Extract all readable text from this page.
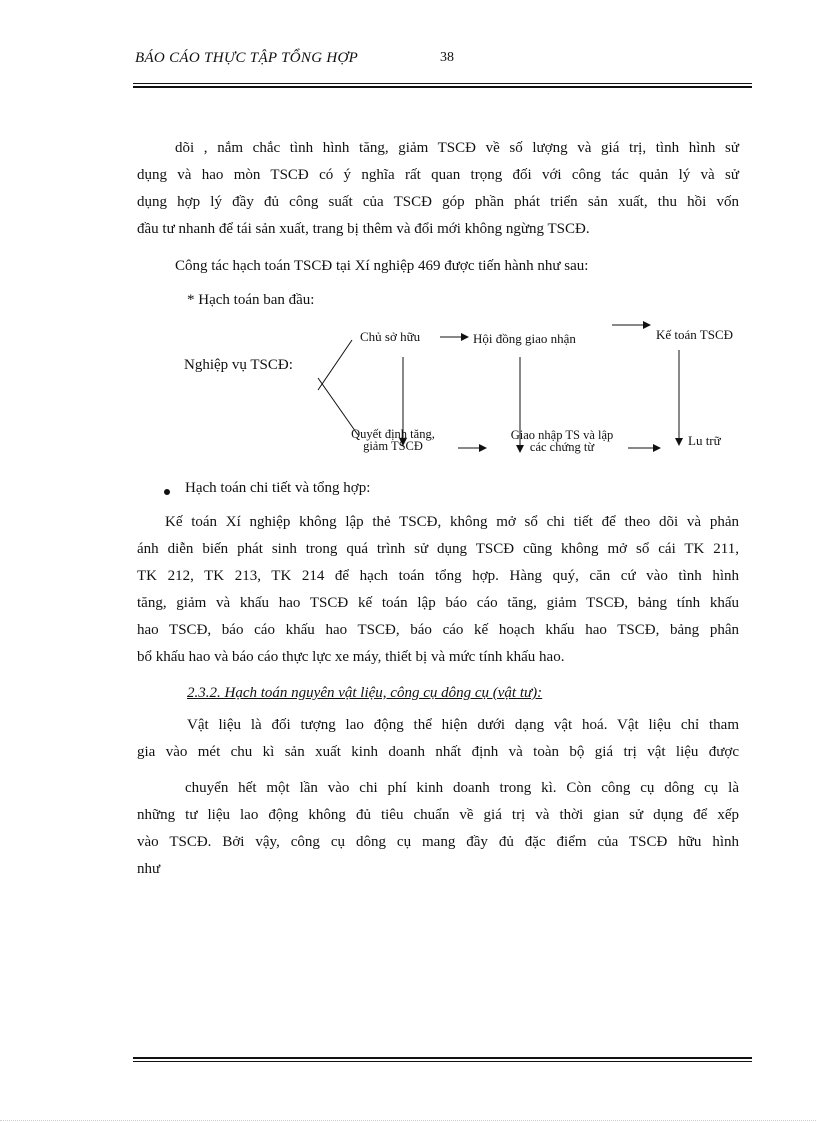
BÁO CÁO THỰC TẬP TỔNG HỢP	38
dõi , nắm chắc tình hình tăng, giảm TSCĐ về số lượng và giá trị, tình hình sử
dụng và hao mòn TSCĐ có ý nghĩa rất quan trọng đối với công tác quản lý và sử
dụng hợp lý đầy đủ công suất của TSCĐ góp phần phát triển sản xuất, thu hồi vốn
đầu tư nhanh để tái sản xuất, trang bị thêm và đổi mới không ngừng TSCĐ.
Công tác hạch toán TSCĐ tại Xí nghiệp 469 được tiến hành như sau:
* Hạch toán ban đầu:
Nghiệp vụ TSCĐ:
Chủ sở hữu	Hội đồng giao nhận	Kế toán TSCĐ
Quyết định tăng,
giảm TSCĐ
Giao nhập TS và lập
các chứng từ	Lu trữ
Hạch toán chi tiết và tổng hợp:
Kế toán Xí nghiệp không lập thẻ TSCĐ, không mở sổ chi tiết để theo dõi và phản
ánh diễn biến phát sinh trong quá trình sử dụng TSCĐ cũng không mở sổ cái TK 211,
TK 212, TK 213, TK 214 để hạch toán tổng hợp. Hàng quý, căn cứ vào tình hình
tăng, giảm và khấu hao TSCĐ kế toán lập báo cáo tăng, giảm TSCĐ, bảng tính khấu
hao TSCĐ, báo cáo khấu hao TSCĐ, báo cáo kế hoạch khấu hao TSCĐ, bảng phân
bổ khấu hao và báo cáo thực lực xe máy, thiết bị và mức tính khấu hao.
2.3.2. Hạch toán nguyên vật liệu, công cụ dông cụ (vật tư):
Vật liệu là đối tượng lao động thể hiện dưới dạng vật hoá. Vật liệu chỉ tham
gia vào mét chu kì sản xuất kinh doanh nhất định và toàn bộ giá trị vật liệu được
chuyển hết một lần vào chi phí kinh doanh trong kì. Còn công cụ dông cụ là
những tư liệu lao động không đủ tiêu chuẩn về giá trị và thời gian sử dụng để xếp
vào TSCĐ. Bởi vậy, công cụ dông cụ mang đầy đủ đặc điểm của TSCĐ hữu hình
như
